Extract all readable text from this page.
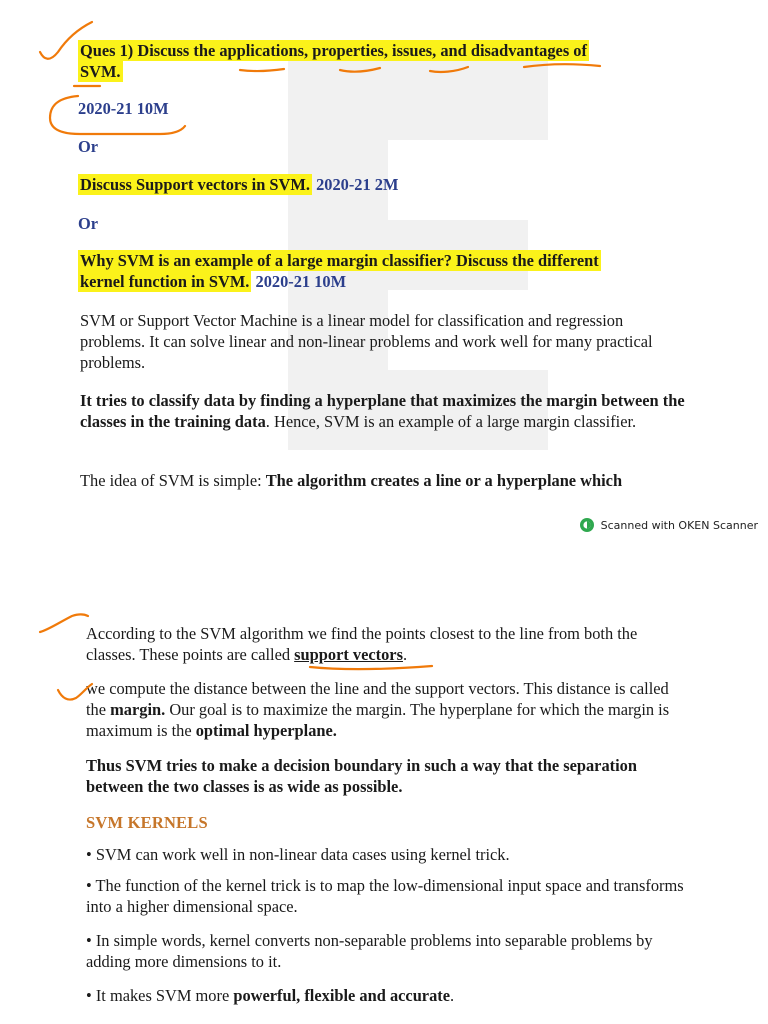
Ques 1) Discuss the applications, properties, issues, and disadvantages of
SVM.
2020-21 10M
Or
Discuss Support vectors in SVM. 2020-21 2M
Or
Why SVM is an example of a large margin classifier? Discuss the different
kernel function in SVM. 2020-21 10M
SVM or Support Vector Machine is a linear model for classification and regression problems. It can solve linear and non-linear problems and work well for many practical problems.
It tries to classify data by finding a hyperplane that maximizes the margin between the classes in the training data. Hence, SVM is an example of a large margin classifier.
The idea of SVM is simple: The algorithm creates a line or a hyperplane which
Scanned with OKEN Scanner
According to the SVM algorithm we find the points closest to the line from both the classes. These points are called support vectors.
we compute the distance between the line and the support vectors. This distance is called the margin. Our goal is to maximize the margin. The hyperplane for which the margin is maximum is the optimal hyperplane.
Thus SVM tries to make a decision boundary in such a way that the separation between the two classes is as wide as possible.
SVM KERNELS
• SVM can work well in non-linear data cases using kernel trick.
• The function of the kernel trick is to map the low-dimensional input space and transforms into a higher dimensional space.
• In simple words, kernel converts non-separable problems into separable problems by adding more dimensions to it.
• It makes SVM more powerful, flexible and accurate.
